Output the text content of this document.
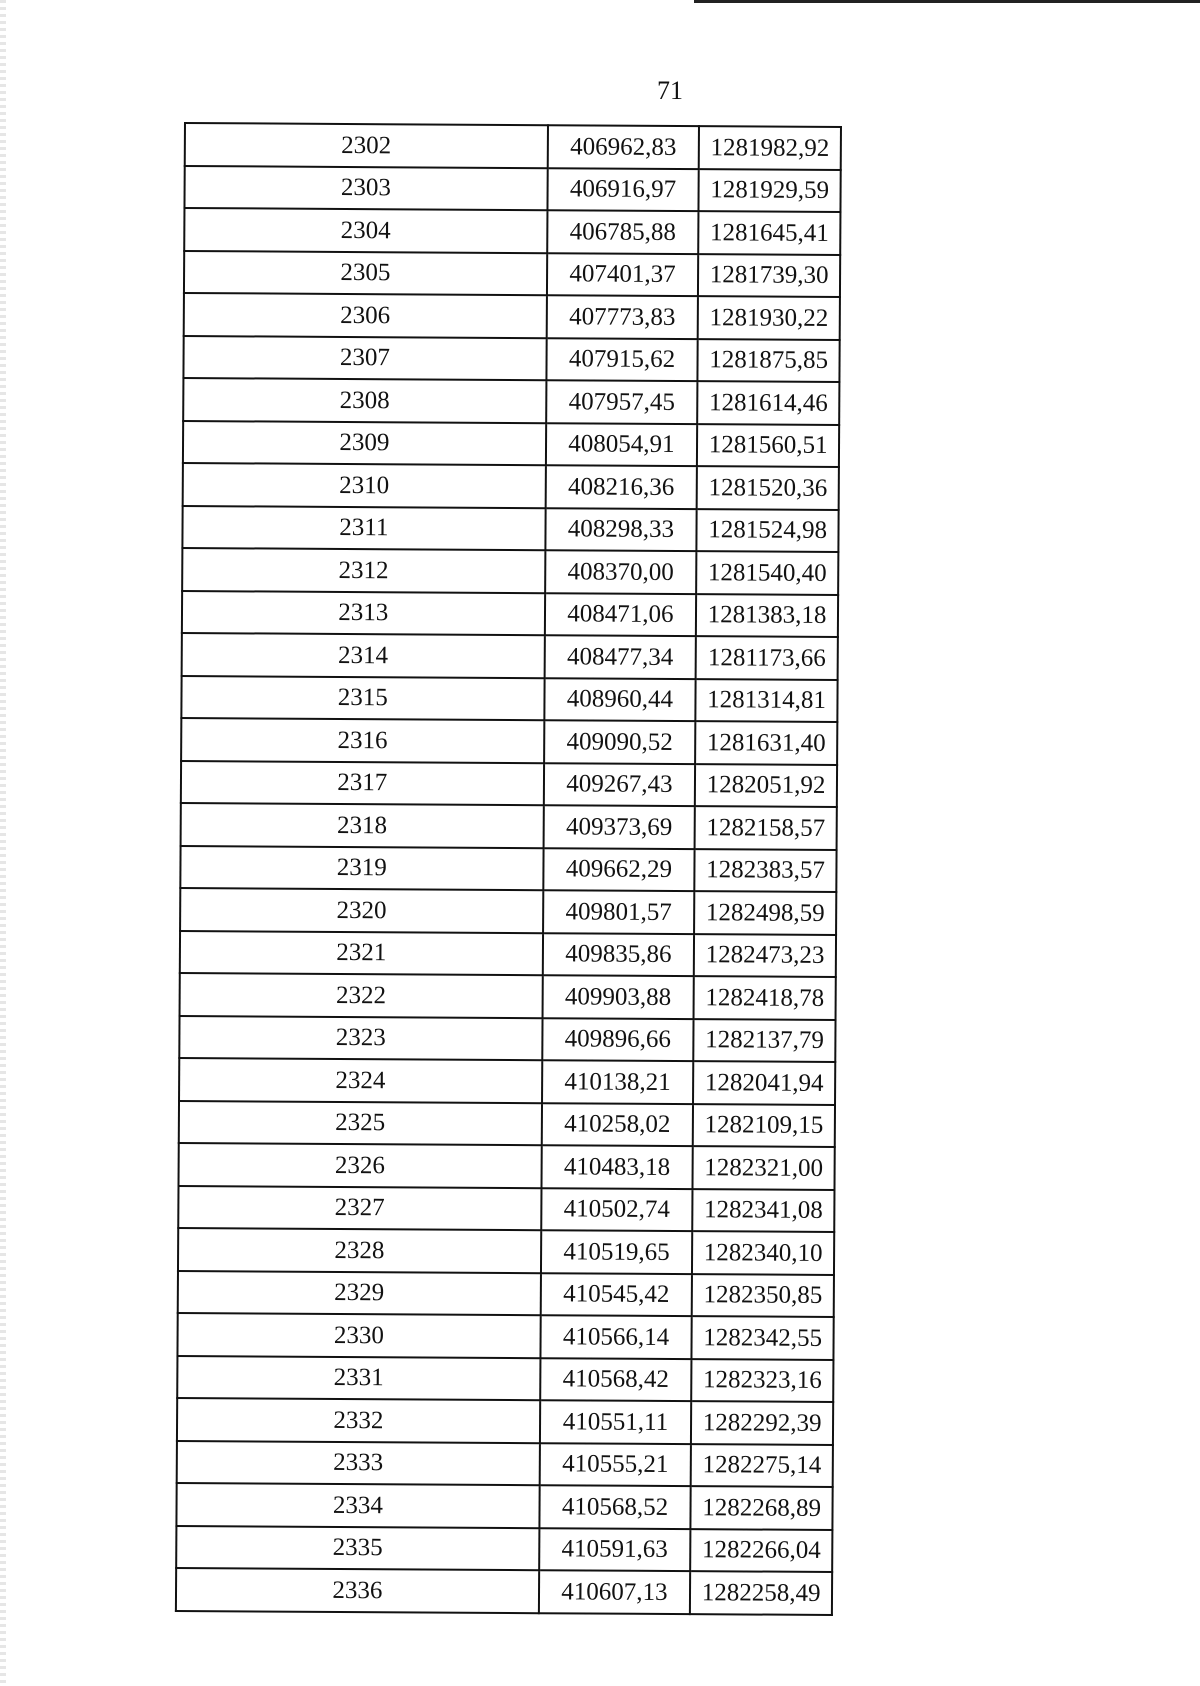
71
2302	406962,83	1281982,92
2303	406916,97	1281929,59
2304	406785,88	1281645,41
2305	407401,37	1281739,30
2306	407773,83	1281930,22
2307	407915,62	1281875,85
2308	407957,45	1281614,46
2309	408054,91	1281560,51
2310	408216,36	1281520,36
2311	408298,33	1281524,98
2312	408370,00	1281540,40
2313	408471,06	1281383,18
2314	408477,34	1281173,66
2315	408960,44	1281314,81
2316	409090,52	1281631,40
2317	409267,43	1282051,92
2318	409373,69	1282158,57
2319	409662,29	1282383,57
2320	409801,57	1282498,59
2321	409835,86	1282473,23
2322	409903,88	1282418,78
2323	409896,66	1282137,79
2324	410138,21	1282041,94
2325	410258,02	1282109,15
2326	410483,18	1282321,00
2327	410502,74	1282341,08
2328	410519,65	1282340,10
2329	410545,42	1282350,85
2330	410566,14	1282342,55
2331	410568,42	1282323,16
2332	410551,11	1282292,39
2333	410555,21	1282275,14
2334	410568,52	1282268,89
2335	410591,63	1282266,04
2336	410607,13	1282258,49
